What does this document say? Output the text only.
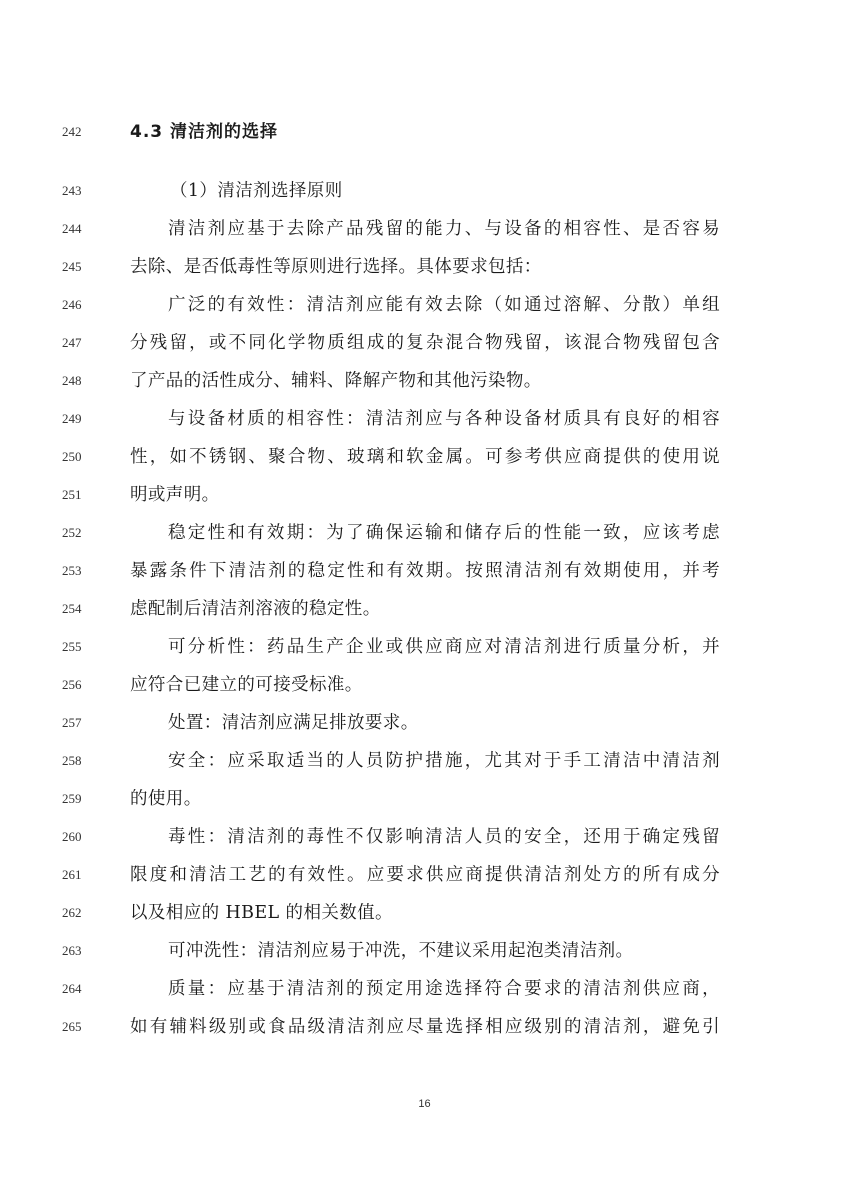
242	4.3 清洁剂的选择
243	（1）清洁剂选择原则
244	清洁剂应基于去除产品残留的能力、与设备的相容性、是否容易
245	去除、是否低毒性等原则进行选择。具体要求包括：
246	广泛的有效性：清洁剂应能有效去除（如通过溶解、分散）单组
247	分残留，或不同化学物质组成的复杂混合物残留，该混合物残留包含
248	了产品的活性成分、辅料、降解产物和其他污染物。
249	与设备材质的相容性：清洁剂应与各种设备材质具有良好的相容
250	性，如不锈钢、聚合物、玻璃和软金属。可参考供应商提供的使用说
251	明或声明。
252	稳定性和有效期：为了确保运输和储存后的性能一致，应该考虑
253	暴露条件下清洁剂的稳定性和有效期。按照清洁剂有效期使用，并考
254	虑配制后清洁剂溶液的稳定性。
255	可分析性：药品生产企业或供应商应对清洁剂进行质量分析，并
256	应符合已建立的可接受标准。
257	处置：清洁剂应满足排放要求。
258	安全：应采取适当的人员防护措施，尤其对于手工清洁中清洁剂
259	的使用。
260	毒性：清洁剂的毒性不仅影响清洁人员的安全，还用于确定残留
261	限度和清洁工艺的有效性。应要求供应商提供清洁剂处方的所有成分
262	以及相应的 HBEL 的相关数值。
263	可冲洗性：清洁剂应易于冲洗，不建议采用起泡类清洁剂。
264	质量：应基于清洁剂的预定用途选择符合要求的清洁剂供应商，
265	如有辅料级别或食品级清洁剂应尽量选择相应级别的清洁剂，避免引
16
